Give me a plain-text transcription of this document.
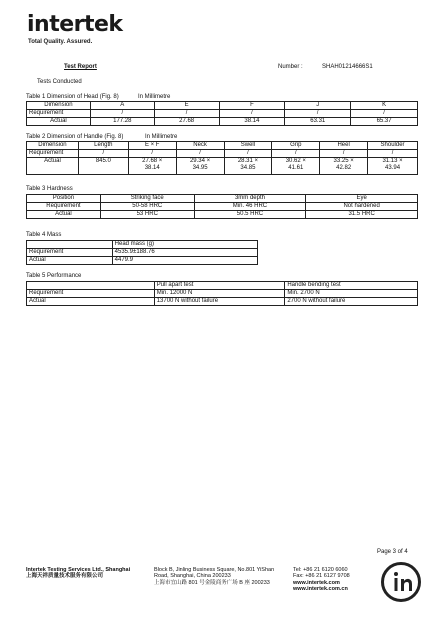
intertek
Total Quality. Assured.
Test Report	Number :	SHAH01214666S1
Tests Conducted
Table 1 Dimension of Head (Fig. 8)	In Millimetre
Dimension	A	E	F	J	K
Requirement	/	/	/	/	/
Actual	177.28	27.68	38.14	63.31	65.37
Table 2 Dimension of Handle (Fig. 8)	In Millimetre
Dimension	Length	E × F	Neck	Swell	Grip	Heel	Shoulder
Requirement	/	/	/	/	/	/	/
Actual	845.0	27.68 ×
38.14	29.34 ×
34.95	28.31 ×
34.85	30.62 ×
41.61	33.25 ×
42.82	31.13 ×
43.94
Table 3 Hardness
Position	Striking face	3mm depth	Eye
Requirement	50-58 HRC	Min. 46 HRC	Not hardened
Actual	53 HRC	50.5 HRC	31.5 HRC
Table 4 Mass
	Head mass (g)
Requirement	4535.9±188.76
Actual	4479.9
Table 5 Performance
	Pull apart test	Handle bending test
Requirement	Min. 12000 N	Min. 2700 N
Actual	13700 N without failure	2700 N without failure
Page 3 of 4
Intertek Testing Services Ltd., Shanghai
上海天祥质量技术服务有限公司
Block B, Jinling Business Square, No.801 YiShan
Road, Shanghai, China 200233
上海市宜山路 801 号金陵商务广场 B 座 200233
Tel: +86 21 6120 6060
Fax: +86 21 6127 9708
www.intertek.com
www.intertek.com.cn
